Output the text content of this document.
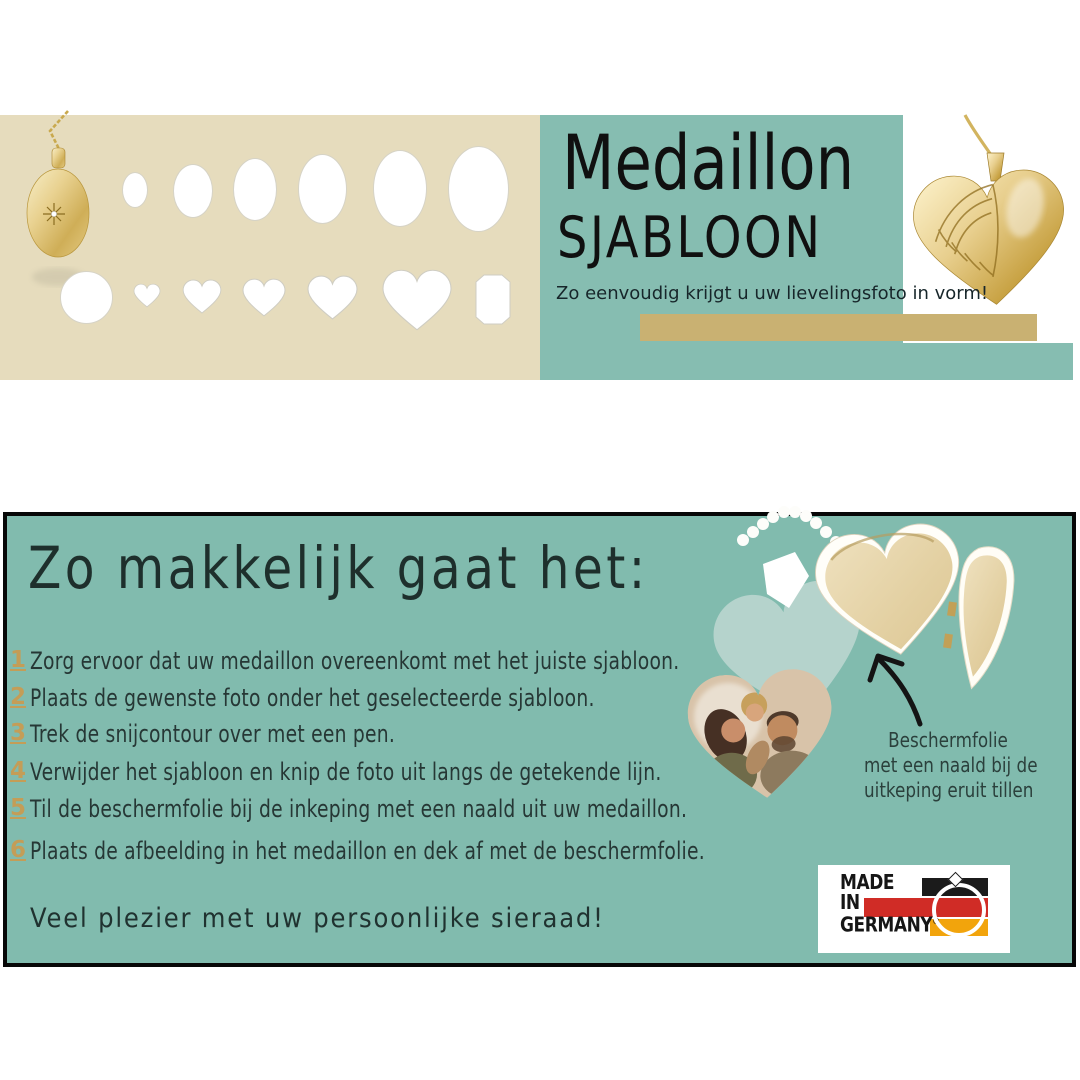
Medaillon
SJABLOON

Zo eenvoudig krijgt u uw lievelingsfoto in vorm!

Zo makkelijk gaat het:
1 Zorg ervoor dat uw medaillon overeenkomt met het juiste sjabloon.
2 Plaats de gewenste foto onder het geselecteerde sjabloon.
3 Trek de snijcontour over met een pen.
4 Verwijder het sjabloon en knip de foto uit langs de getekende lijn.
5 Til de beschermfolie bij de inkeping met een naald uit uw medaillon.
6 Plaats de afbeelding in het medaillon en dek af met de beschermfolie.

Veel plezier met uw persoonlijke sieraad!

Beschermfolie
met een naald bij de
uitkeping eruit tillen

MADE
IN
GERMANY®
